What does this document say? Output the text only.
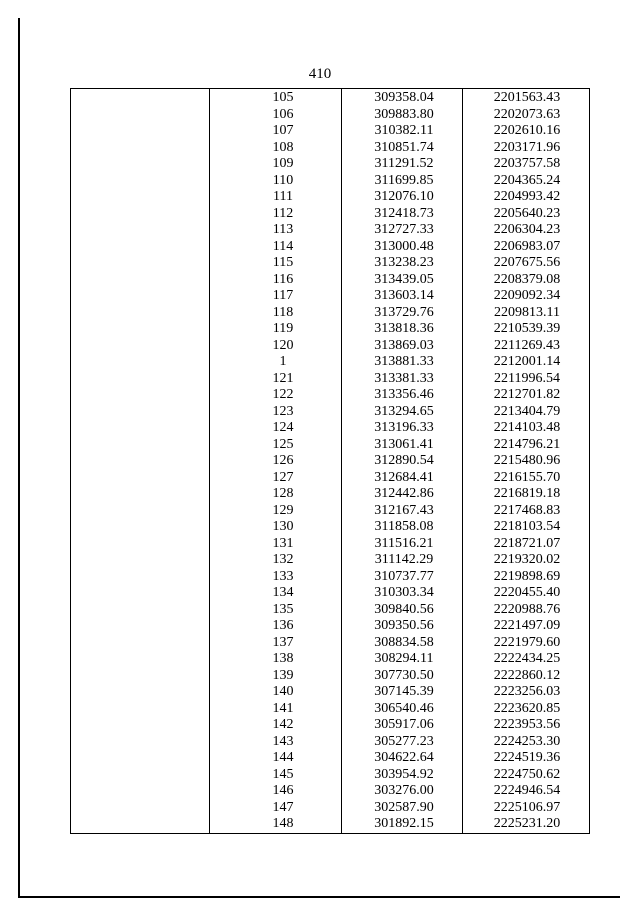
410
105	309358.04	2201563.43
106	309883.80	2202073.63
107	310382.11	2202610.16
108	310851.74	2203171.96
109	311291.52	2203757.58
110	311699.85	2204365.24
111	312076.10	2204993.42
112	312418.73	2205640.23
113	312727.33	2206304.23
114	313000.48	2206983.07
115	313238.23	2207675.56
116	313439.05	2208379.08
117	313603.14	2209092.34
118	313729.76	2209813.11
119	313818.36	2210539.39
120	313869.03	2211269.43
1	313881.33	2212001.14
121	313381.33	2211996.54
122	313356.46	2212701.82
123	313294.65	2213404.79
124	313196.33	2214103.48
125	313061.41	2214796.21
126	312890.54	2215480.96
127	312684.41	2216155.70
128	312442.86	2216819.18
129	312167.43	2217468.83
130	311858.08	2218103.54
131	311516.21	2218721.07
132	311142.29	2219320.02
133	310737.77	2219898.69
134	310303.34	2220455.40
135	309840.56	2220988.76
136	309350.56	2221497.09
137	308834.58	2221979.60
138	308294.11	2222434.25
139	307730.50	2222860.12
140	307145.39	2223256.03
141	306540.46	2223620.85
142	305917.06	2223953.56
143	305277.23	2224253.30
144	304622.64	2224519.36
145	303954.92	2224750.62
146	303276.00	2224946.54
147	302587.90	2225106.97
148	301892.15	2225231.20
